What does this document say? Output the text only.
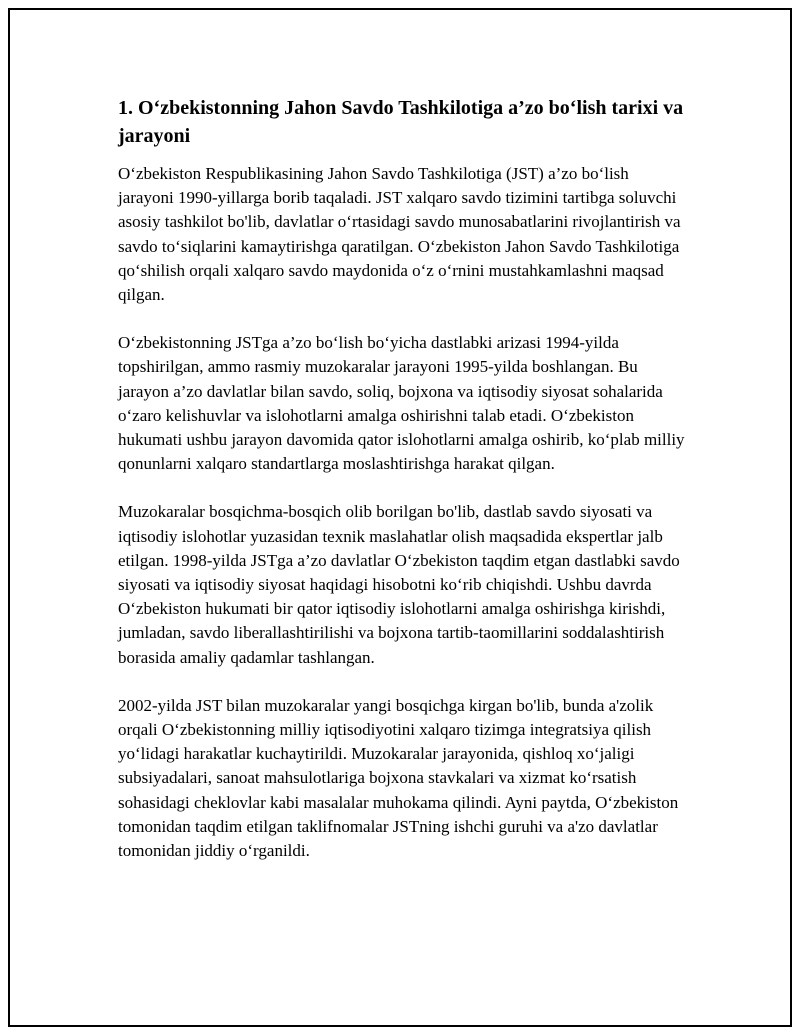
1. O‘zbekistonning Jahon Savdo Tashkilotiga a’zo bo‘lish tarixi va jarayoni

O‘zbekiston Respublikasining Jahon Savdo Tashkilotiga (JST) a’zo bo‘lish jarayoni 1990-yillarga borib taqaladi. JST xalqaro savdo tizimini tartibga soluvchi asosiy tashkilot bo'lib, davlatlar o‘rtasidagi savdo munosabatlarini rivojlantirish va savdo to‘siqlarini kamaytirishga qaratilgan. O‘zbekiston Jahon Savdo Tashkilotiga qo‘shilish orqali xalqaro savdo maydonida o‘z o‘rnini mustahkamlashni maqsad qilgan.

O‘zbekistonning JSTga a’zo bo‘lish bo‘yicha dastlabki arizasi 1994-yilda topshirilgan, ammo rasmiy muzokaralar jarayoni 1995-yilda boshlangan. Bu jarayon a’zo davlatlar bilan savdo, soliq, bojxona va iqtisodiy siyosat sohalarida o‘zaro kelishuvlar va islohotlarni amalga oshirishni talab etadi. O‘zbekiston hukumati ushbu jarayon davomida qator islohotlarni amalga oshirib, ko‘plab milliy qonunlarni xalqaro standartlarga moslashtirishga harakat qilgan.

Muzokaralar bosqichma-bosqich olib borilgan bo'lib, dastlab savdo siyosati va iqtisodiy islohotlar yuzasidan texnik maslahatlar olish maqsadida ekspertlar jalb etilgan. 1998-yilda JSTga a’zo davlatlar O‘zbekiston taqdim etgan dastlabki savdo siyosati va iqtisodiy siyosat haqidagi hisobotni ko‘rib chiqishdi. Ushbu davrda O‘zbekiston hukumati bir qator iqtisodiy islohotlarni amalga oshirishga kirishdi, jumladan, savdo liberallashtirilishi va bojxona tartib-taomillarini soddalashtirish borasida amaliy qadamlar tashlangan.

2002-yilda JST bilan muzokaralar yangi bosqichga kirgan bo'lib, bunda a'zolik orqali O‘zbekistonning milliy iqtisodiyotini xalqaro tizimga integratsiya qilish yo‘lidagi harakatlar kuchaytirildi. Muzokaralar jarayonida, qishloq xo‘jaligi subsiyadalari, sanoat mahsulotlariga bojxona stavkalari va xizmat ko‘rsatish sohasidagi cheklovlar kabi masalalar muhokama qilindi. Ayni paytda, O‘zbekiston tomonidan taqdim etilgan taklifnomalar JSTning ishchi guruhi va a'zo davlatlar tomonidan jiddiy o‘rganildi.
